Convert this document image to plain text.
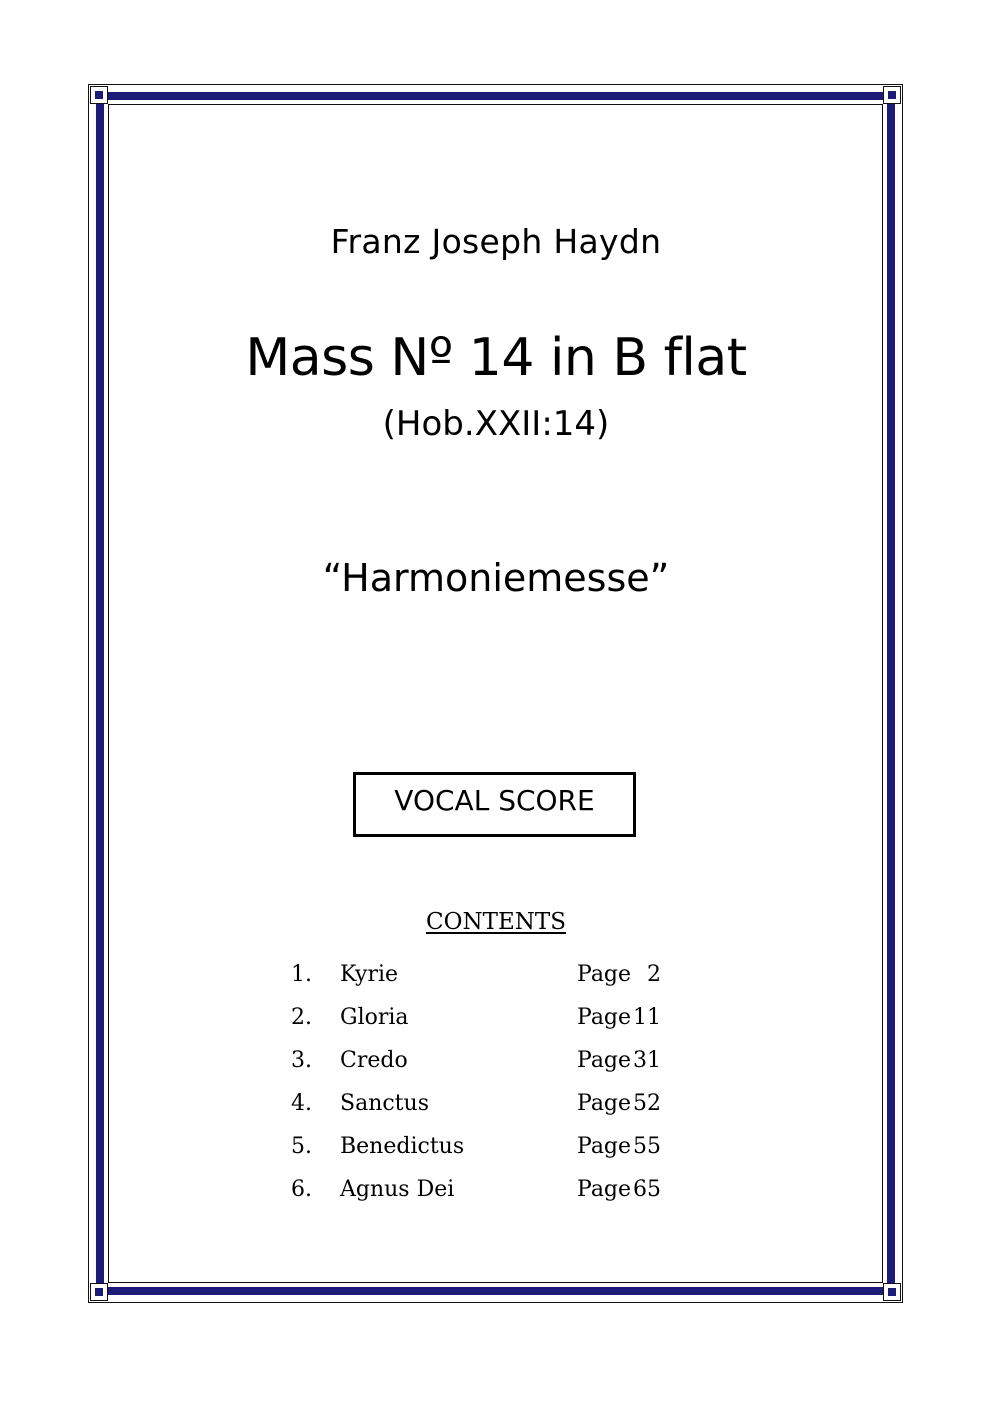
Franz Joseph Haydn
Mass Nº 14 in B flat
(Hob.XXII:14)
“Harmoniemesse”
VOCAL SCORE
CONTENTS
1. Kyrie	Page 2
2. Gloria	Page 11
3. Credo	Page 31
4. Sanctus	Page 52
5. Benedictus	Page 55
6. Agnus Dei	Page 65
